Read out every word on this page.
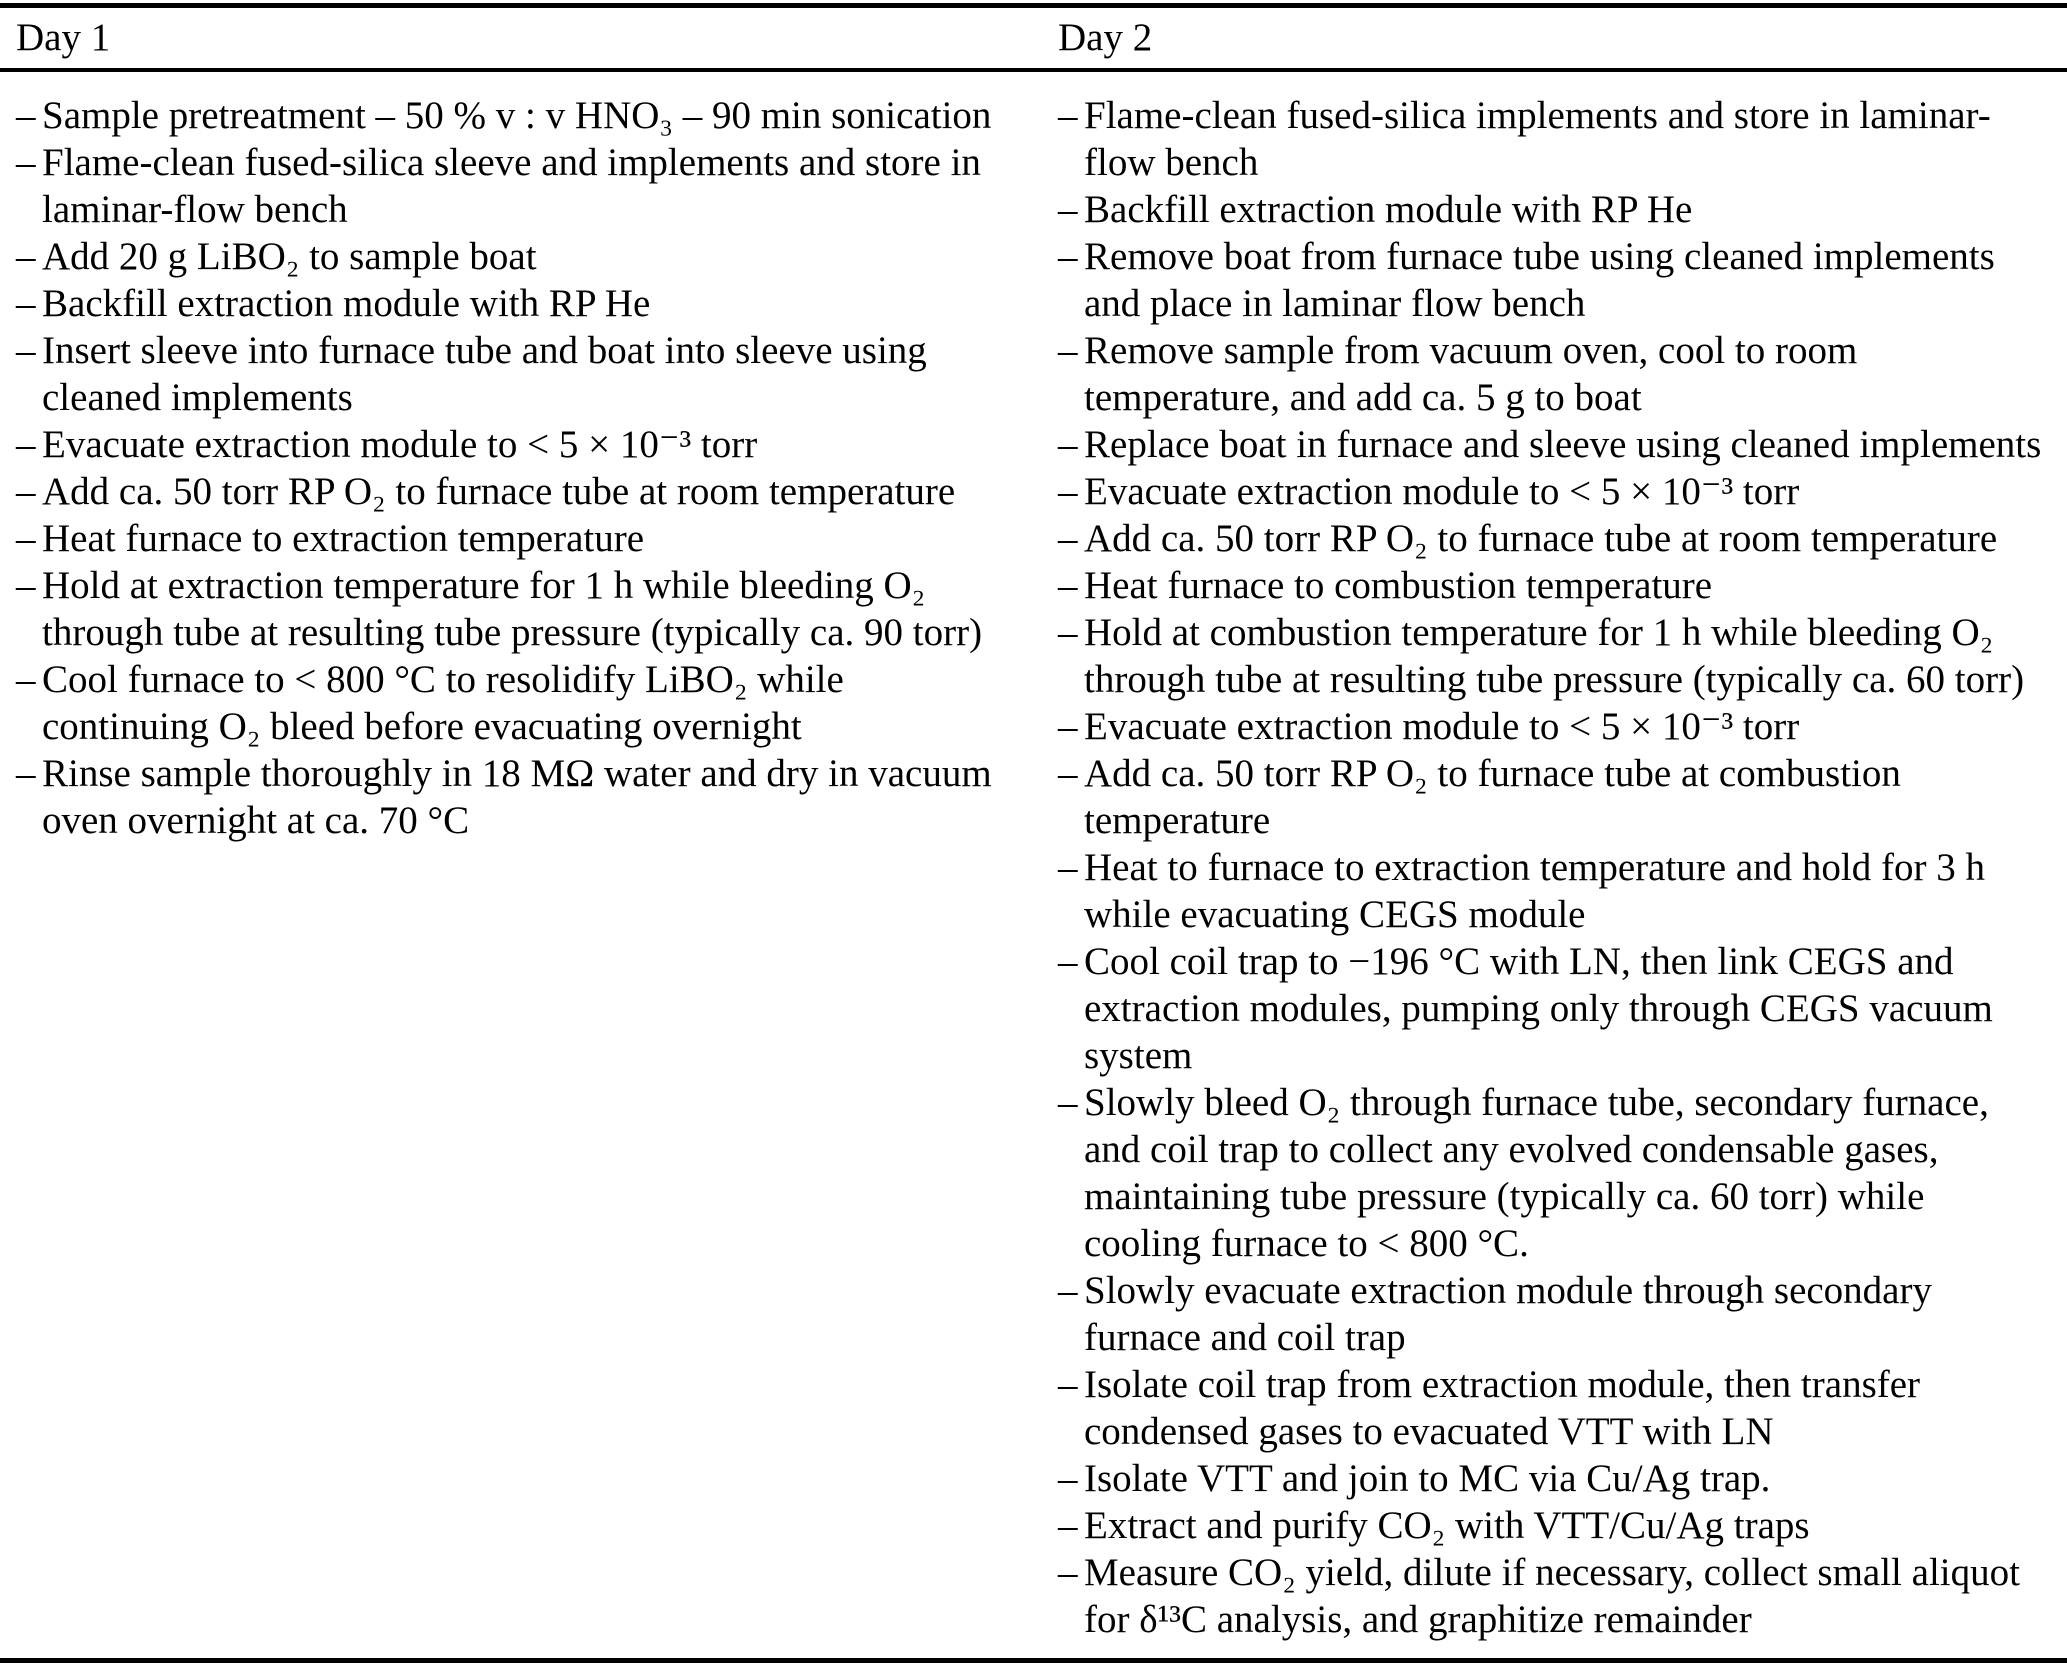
Day 1	Day 2
– Sample pretreatment – 50 % v : v HNO₃ – 90 min sonication
– Flame-clean fused-silica sleeve and implements and store in laminar-flow bench
– Add 20 g LiBO₂ to sample boat
– Backfill extraction module with RP He
– Insert sleeve into furnace tube and boat into sleeve using cleaned implements
– Evacuate extraction module to < 5 × 10⁻³ torr
– Add ca. 50 torr RP O₂ to furnace tube at room temperature
– Heat furnace to extraction temperature
– Hold at extraction temperature for 1 h while bleeding O₂ through tube at resulting tube pressure (typically ca. 90 torr)
– Cool furnace to < 800 °C to resolidify LiBO₂ while continuing O₂ bleed before evacuating overnight
– Rinse sample thoroughly in 18 MΩ water and dry in vacuum oven overnight at ca. 70 °C
– Flame-clean fused-silica implements and store in laminar-flow bench
– Backfill extraction module with RP He
– Remove boat from furnace tube using cleaned implements and place in laminar flow bench
– Remove sample from vacuum oven, cool to room temperature, and add ca. 5 g to boat
– Replace boat in furnace and sleeve using cleaned implements
– Evacuate extraction module to < 5 × 10⁻³ torr
– Add ca. 50 torr RP O₂ to furnace tube at room temperature
– Heat furnace to combustion temperature
– Hold at combustion temperature for 1 h while bleeding O₂ through tube at resulting tube pressure (typically ca. 60 torr)
– Evacuate extraction module to < 5 × 10⁻³ torr
– Add ca. 50 torr RP O₂ to furnace tube at combustion temperature
– Heat to furnace to extraction temperature and hold for 3 h while evacuating CEGS module
– Cool coil trap to −196 °C with LN, then link CEGS and extraction modules, pumping only through CEGS vacuum system
– Slowly bleed O₂ through furnace tube, secondary furnace, and coil trap to collect any evolved condensable gases, maintaining tube pressure (typically ca. 60 torr) while cooling furnace to < 800 °C.
– Slowly evacuate extraction module through secondary furnace and coil trap
– Isolate coil trap from extraction module, then transfer condensed gases to evacuated VTT with LN
– Isolate VTT and join to MC via Cu/Ag trap.
– Extract and purify CO₂ with VTT/Cu/Ag traps
– Measure CO₂ yield, dilute if necessary, collect small aliquot for δ¹³C analysis, and graphitize remainder
